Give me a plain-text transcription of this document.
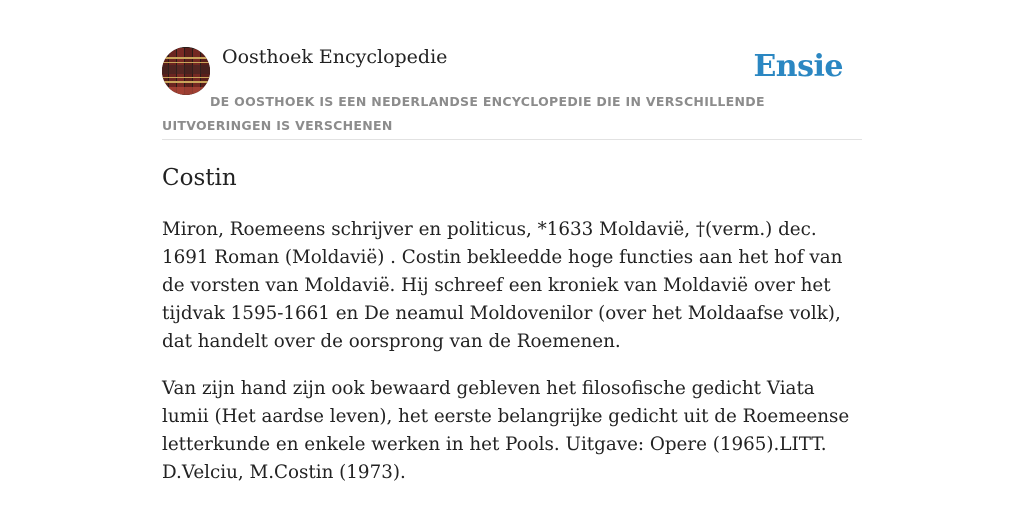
Oosthoek Encyclopedie	Ensie
DE OOSTHOEK IS EEN NEDERLANDSE ENCYCLOPEDIE DIE IN VERSCHILLENDE UITVOERINGEN IS VERSCHENEN
Costin

Miron, Roemeens schrijver en politicus, *1633 Moldavië, †(verm.) dec. 1691 Roman (Moldavië) . Costin bekleedde hoge functies aan het hof van de vorsten van Moldavië. Hij schreef een kroniek van Moldavië over het tijdvak 1595-1661 en De neamul Moldovenilor (over het Moldaafse volk), dat handelt over de oorsprong van de Roemenen.

Van zijn hand zijn ook bewaard gebleven het filosofische gedicht Viata lumii (Het aardse leven), het eerste belangrijke gedicht uit de Roemeense letterkunde en enkele werken in het Pools. Uitgave: Opere (1965).LITT. D.Velciu, M.Costin (1973).
